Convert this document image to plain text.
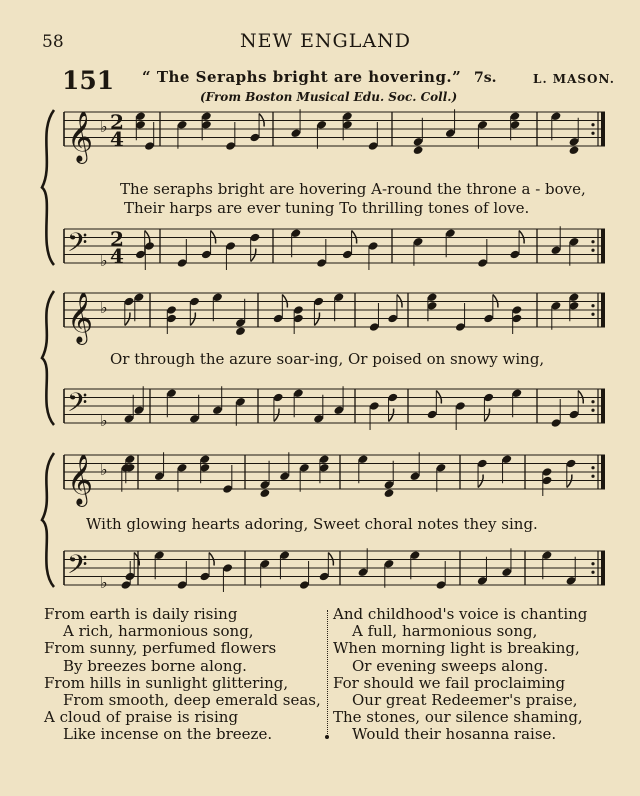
58	NEW ENGLAND
151 “ The Seraphs bright are hovering.” 7s.	L. MASON.
(From Boston Musical Edu. Soc. Coll.)
𝄞 ♭ 2
4
𝄢 ♭
2
4
𝄞 ♭
𝄢 ♭
𝄞 ♭
𝄢 ♭
The seraphs bright are hovering A-round the throne a - bove,
Their harps are ever tuning To thrilling tones of love.
Or through the azure soar-ing, Or poised on snowy wing,
With glowing hearts adoring, Sweet choral notes they sing.
From earth is daily rising
A rich, harmonious song,
From sunny, perfumed flowers
By breezes borne along.
From hills in sunlight glittering,
From smooth, deep emerald seas,
A cloud of praise is rising
Like incense on the breeze.
And childhood's voice is chanting
A full, harmonious song,
When morning light is breaking,
Or evening sweeps along.
For should we fail proclaiming
Our great Redeemer's praise,
The stones, our silence shaming,
Would their hosanna raise.
